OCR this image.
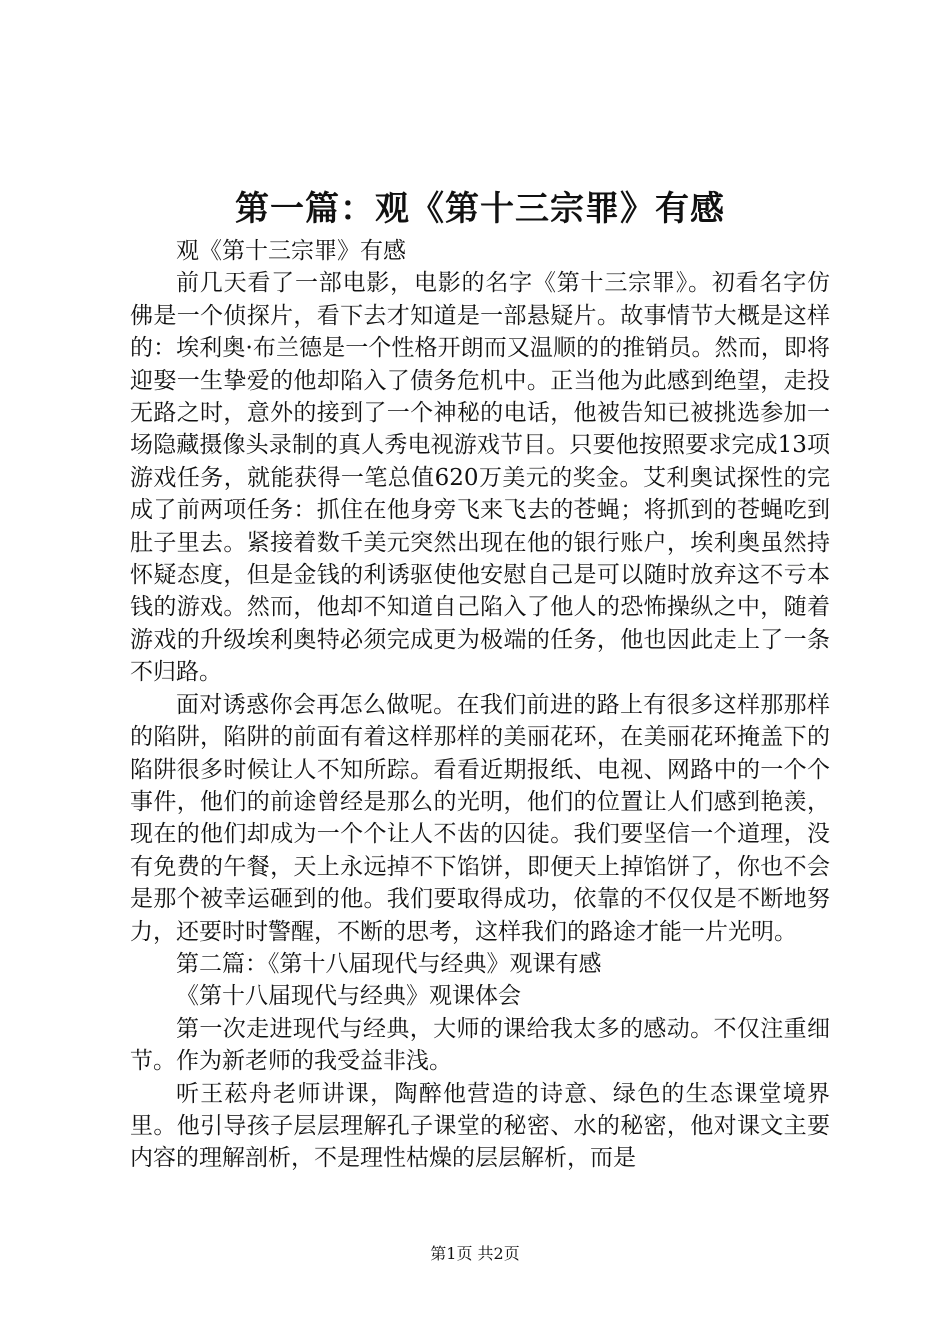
第一篇：观《第十三宗罪》有感

观《第十三宗罪》有感

前几天看了一部电影，电影的名字《第十三宗罪》。初看名字仿佛是一个侦探片，看下去才知道是一部悬疑片。故事情节大概是这样的：埃利奥·布兰德是一个性格开朗而又温顺的的推销员。然而，即将迎娶一生挚爱的他却陷入了债务危机中。正当他为此感到绝望，走投无路之时，意外的接到了一个神秘的电话，他被告知已被挑选参加一场隐藏摄像头录制的真人秀电视游戏节目。只要他按照要求完成13项游戏任务，就能获得一笔总值620万美元的奖金。艾利奥试探性的完成了前两项任务：抓住在他身旁飞来飞去的苍蝇；将抓到的苍蝇吃到肚子里去。紧接着数千美元突然出现在他的银行账户，埃利奥虽然持怀疑态度，但是金钱的利诱驱使他安慰自己是可以随时放弃这不亏本钱的游戏。然而，他却不知道自己陷入了他人的恐怖操纵之中，随着游戏的升级埃利奥特必须完成更为极端的任务，他也因此走上了一条不归路。

面对诱惑你会再怎么做呢。在我们前进的路上有很多这样那那样的陷阱，陷阱的前面有着这样那样的美丽花环，在美丽花环掩盖下的陷阱很多时候让人不知所踪。看看近期报纸、电视、网路中的一个个事件，他们的前途曾经是那么的光明，他们的位置让人们感到艳羡，现在的他们却成为一个个让人不齿的囚徒。我们要坚信一个道理，没有免费的午餐，天上永远掉不下馅饼，即便天上掉馅饼了，你也不会是那个被幸运砸到的他。我们要取得成功，依靠的不仅仅是不断地努力，还要时时警醒，不断的思考，这样我们的路途才能一片光明。

第二篇：《第十八届现代与经典》观课有感

《第十八届现代与经典》观课体会

第一次走进现代与经典，大师的课给我太多的感动。不仅注重细节。作为新老师的我受益非浅。

听王菘舟老师讲课，陶醉他营造的诗意、绿色的生态课堂境界里。他引导孩子层层理解孔子课堂的秘密、水的秘密，他对课文主要内容的理解剖析，不是理性枯燥的层层解析，而是

第1页 共2页
